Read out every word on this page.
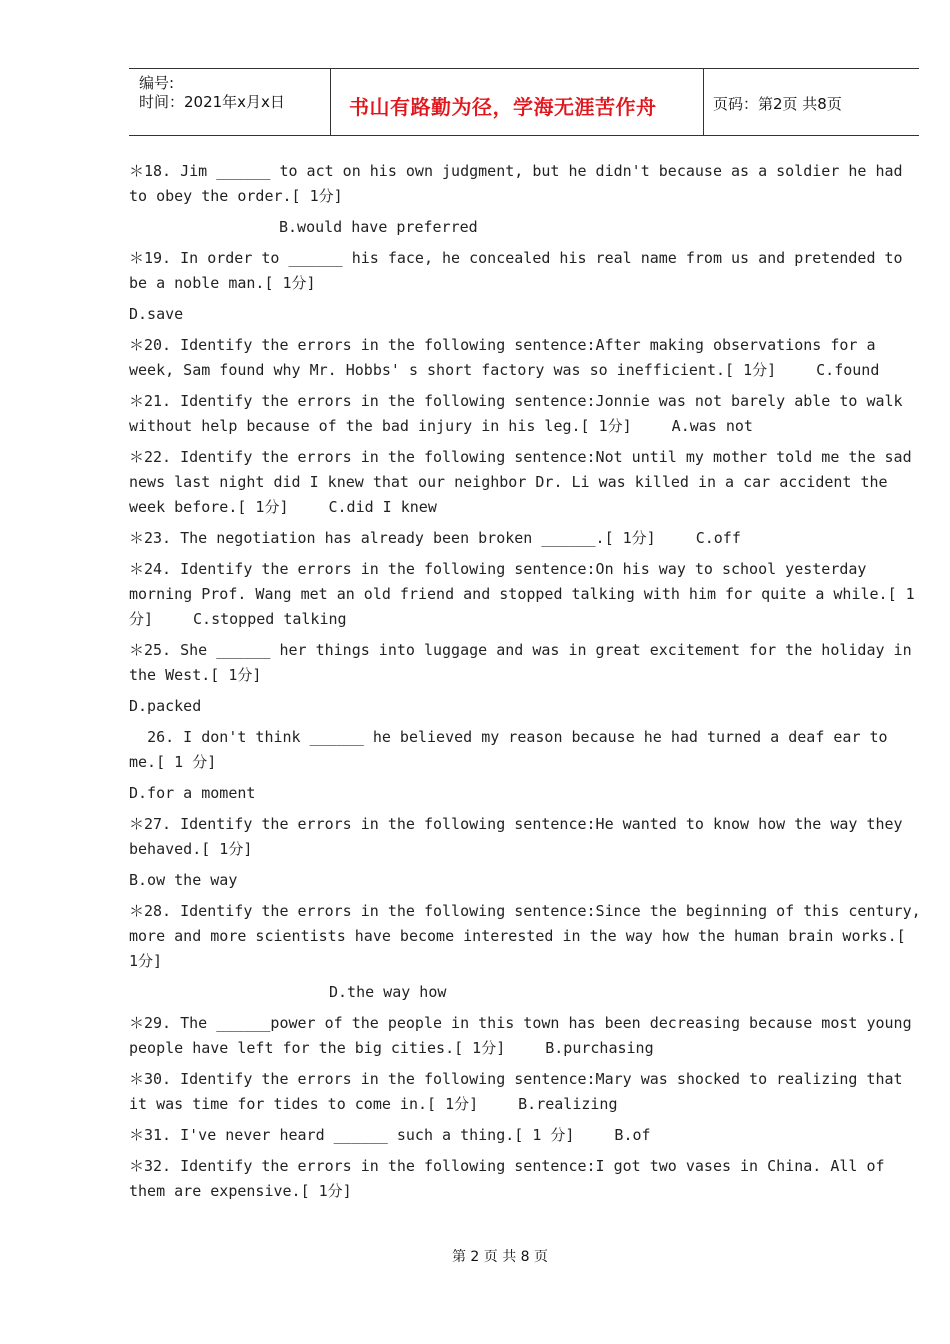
编号:
时间：2021年x月x日	书山有路勤为径，学海无涯苦作舟	页码：第2页 共8页
＊18. Jim ______ to act on his own judgment, but he didn't because as a soldier he had to obey the order.[ 1分]
B.would have preferred
＊19. In order to ______ his face, he concealed his real name from us and pretended to be a noble man.[ 1分]
D.save
＊20. Identify the errors in the following sentence:After making observations for a week, Sam found why Mr. Hobbs' s short factory was so inefficient.[ 1分]	C.found
＊21. Identify the errors in the following sentence:Jonnie was not barely able to walk without help because of the bad injury in his leg.[ 1分]	A.was not
＊22. Identify the errors in the following sentence:Not until my mother told me the sad news last night did I knew that our neighbor Dr. Li was killed in a car accident the week before.[ 1分]	C.did I knew
＊23. The negotiation has already been broken ______.[ 1分]	C.off
＊24. Identify the errors in the following sentence:On his way to school yesterday morning Prof. Wang met an old friend and stopped talking with him for quite a while.[ 1 分]	C.stopped talking
＊25. She ______ her things into luggage and was in great excitement for the holiday in the West.[ 1分]
D.packed
26. I don't think ______ he believed my reason because he had turned a deaf ear to me.[ 1 分]
D.for a moment
＊27. Identify the errors in the following sentence:He wanted to know how the way they behaved.[ 1分]
B.ow the way
＊28. Identify the errors in the following sentence:Since the beginning of this century, more and more scientists have become interested in the way how the human brain works.[ 1分]
D.the way how
＊29. The ______power of the people in this town has been decreasing because most young people have left for the big cities.[ 1分]	B.purchasing
＊30. Identify the errors in the following sentence:Mary was shocked to realizing that it was time for tides to come in.[ 1分]	B.realizing
＊31. I've never heard ______ such a thing.[ 1 分]	B.of
＊32. Identify the errors in the following sentence:I got two vases in China. All of them are expensive.[ 1分]
第 2 页 共 8 页
